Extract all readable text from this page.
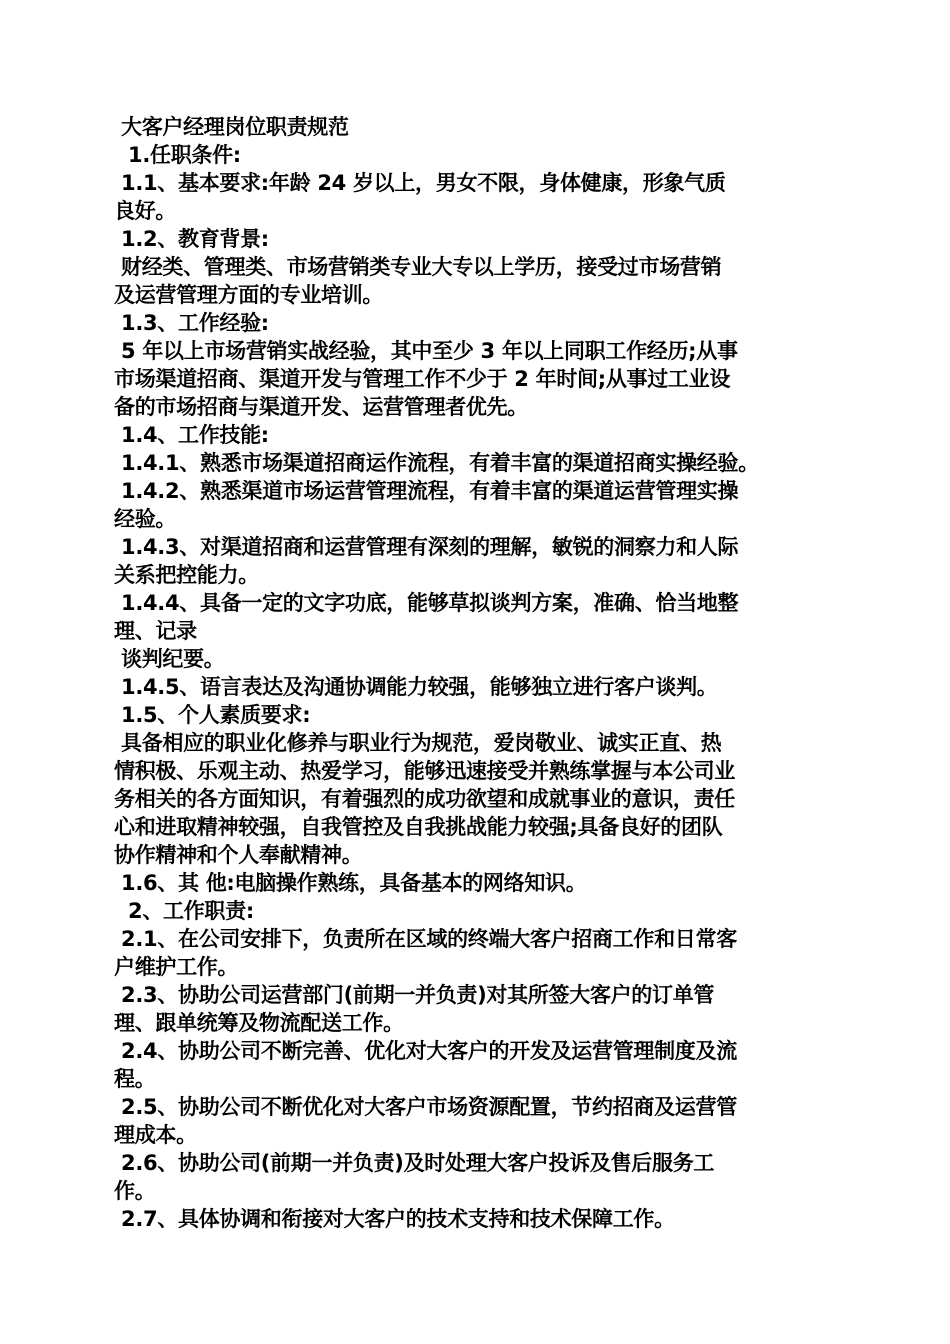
大客户经理岗位职责规范
1.任职条件:
1.1、基本要求:年龄 24 岁以上，男女不限，身体健康，形象气质
良好。
1.2、教育背景:
财经类、管理类、市场营销类专业大专以上学历，接受过市场营销
及运营管理方面的专业培训。
1.3、工作经验:
5 年以上市场营销实战经验，其中至少 3 年以上同职工作经历;从事
市场渠道招商、渠道开发与管理工作不少于 2 年时间;从事过工业设
备的市场招商与渠道开发、运营管理者优先。
1.4、工作技能:
1.4.1、熟悉市场渠道招商运作流程，有着丰富的渠道招商实操经验。
1.4.2、熟悉渠道市场运营管理流程，有着丰富的渠道运营管理实操
经验。
1.4.3、对渠道招商和运营管理有深刻的理解，敏锐的洞察力和人际
关系把控能力。
1.4.4、具备一定的文字功底，能够草拟谈判方案，准确、恰当地整
理、记录
谈判纪要。
1.4.5、语言表达及沟通协调能力较强，能够独立进行客户谈判。
1.5、个人素质要求:
具备相应的职业化修养与职业行为规范，爱岗敬业、诚实正直、热
情积极、乐观主动、热爱学习，能够迅速接受并熟练掌握与本公司业
务相关的各方面知识，有着强烈的成功欲望和成就事业的意识，责任
心和进取精神较强，自我管控及自我挑战能力较强;具备良好的团队
协作精神和个人奉献精神。
1.6、其 他:电脑操作熟练，具备基本的网络知识。
2、工作职责:
2.1、在公司安排下，负责所在区域的终端大客户招商工作和日常客
户维护工作。
2.3、协助公司运营部门(前期一并负责)对其所签大客户的订单管
理、跟单统筹及物流配送工作。
2.4、协助公司不断完善、优化对大客户的开发及运营管理制度及流
程。
2.5、协助公司不断优化对大客户市场资源配置，节约招商及运营管
理成本。
2.6、协助公司(前期一并负责)及时处理大客户投诉及售后服务工
作。
2.7、具体协调和衔接对大客户的技术支持和技术保障工作。
